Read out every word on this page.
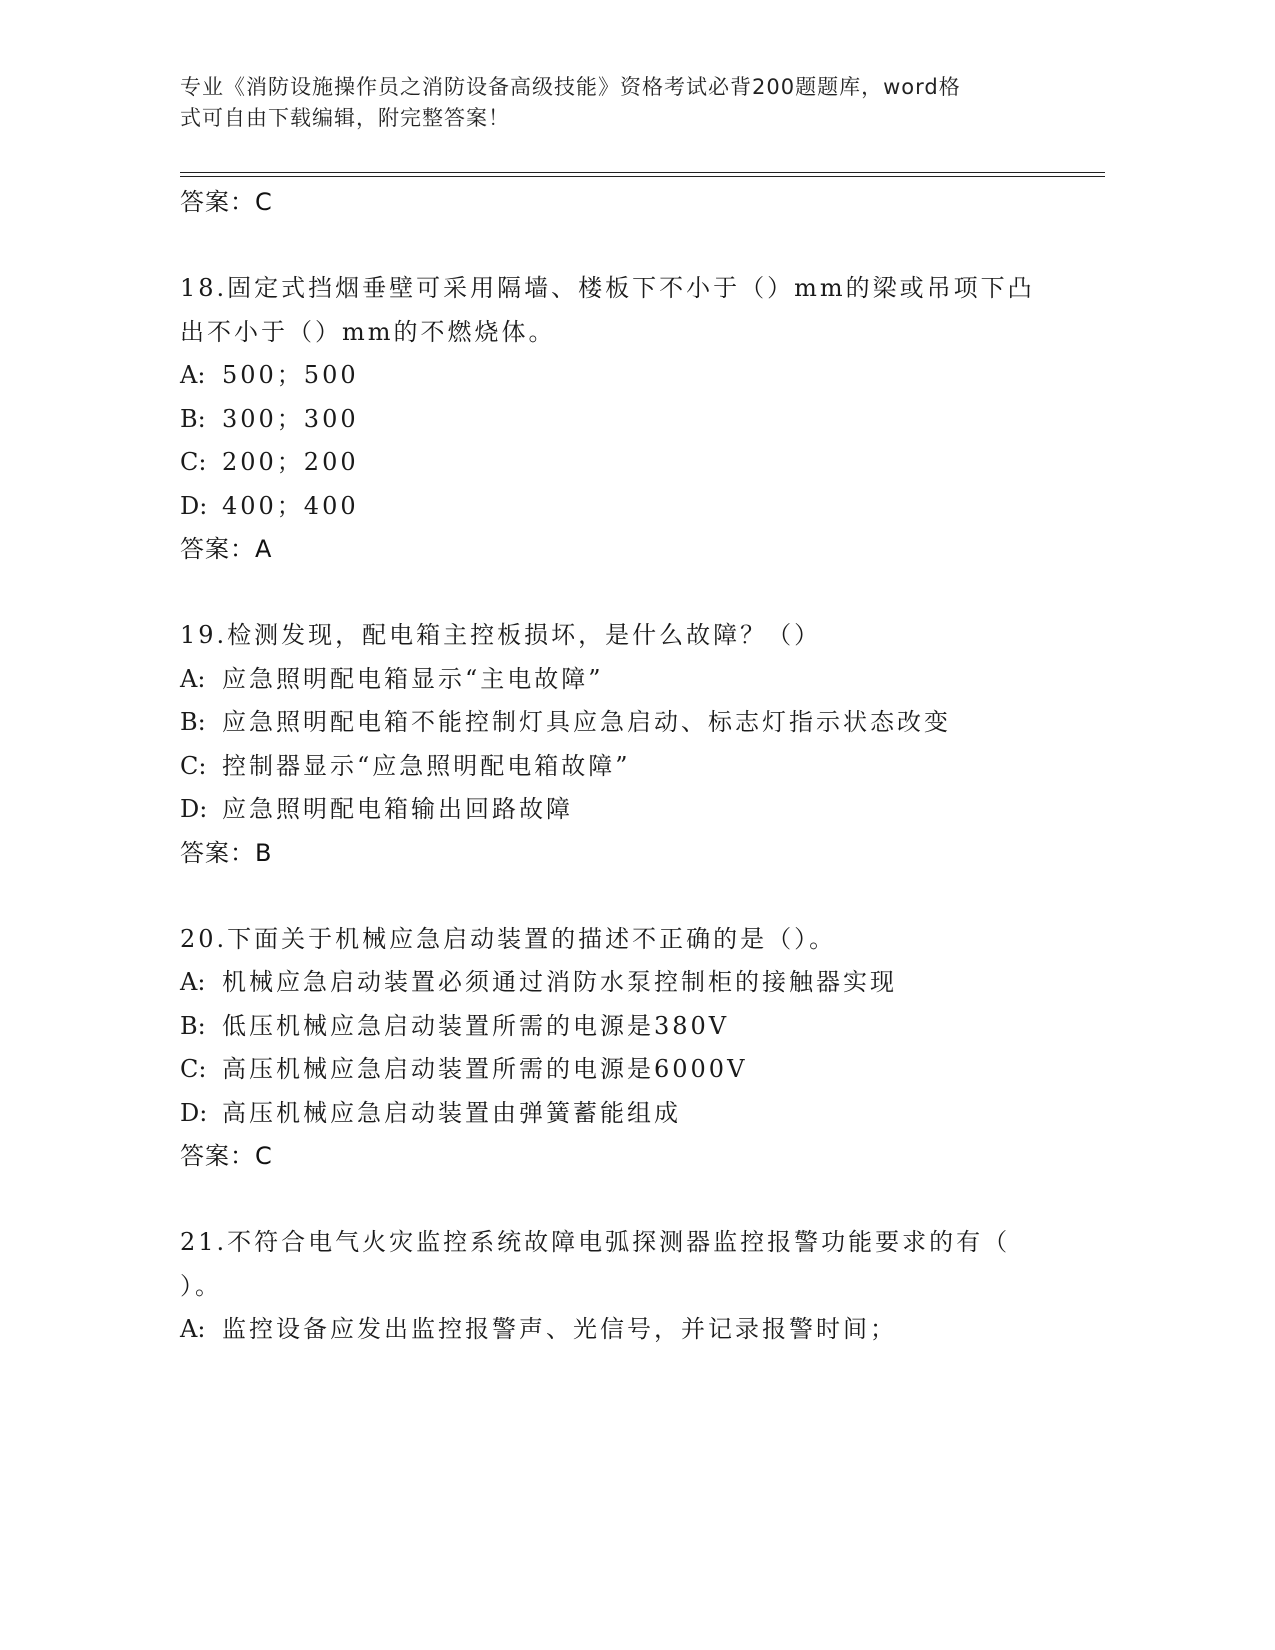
专业《消防设施操作员之消防设备高级技能》资格考试必背200题题库，word格
式可自由下载编辑，附完整答案！
答案：C
18.固定式挡烟垂壁可采用隔墙、楼板下不小于（）mm的梁或吊项下凸
出不小于（）mm的不燃烧体。
A: 500；500
B: 300；300
C: 200；200
D: 400；400
答案：A
19.检测发现，配电箱主控板损坏，是什么故障？（）
A: 应急照明配电箱显示“主电故障”
B: 应急照明配电箱不能控制灯具应急启动、标志灯指示状态改变
C: 控制器显示“应急照明配电箱故障”
D: 应急照明配电箱输出回路故障
答案：B
20.下面关于机械应急启动装置的描述不正确的是（）。
A: 机械应急启动装置必须通过消防水泵控制柜的接触器实现
B: 低压机械应急启动装置所需的电源是380V
C: 高压机械应急启动装置所需的电源是6000V
D: 高压机械应急启动装置由弹簧蓄能组成
答案：C
21.不符合电气火灾监控系统故障电弧探测器监控报警功能要求的有（
）。
A: 监控设备应发出监控报警声、光信号，并记录报警时间；
